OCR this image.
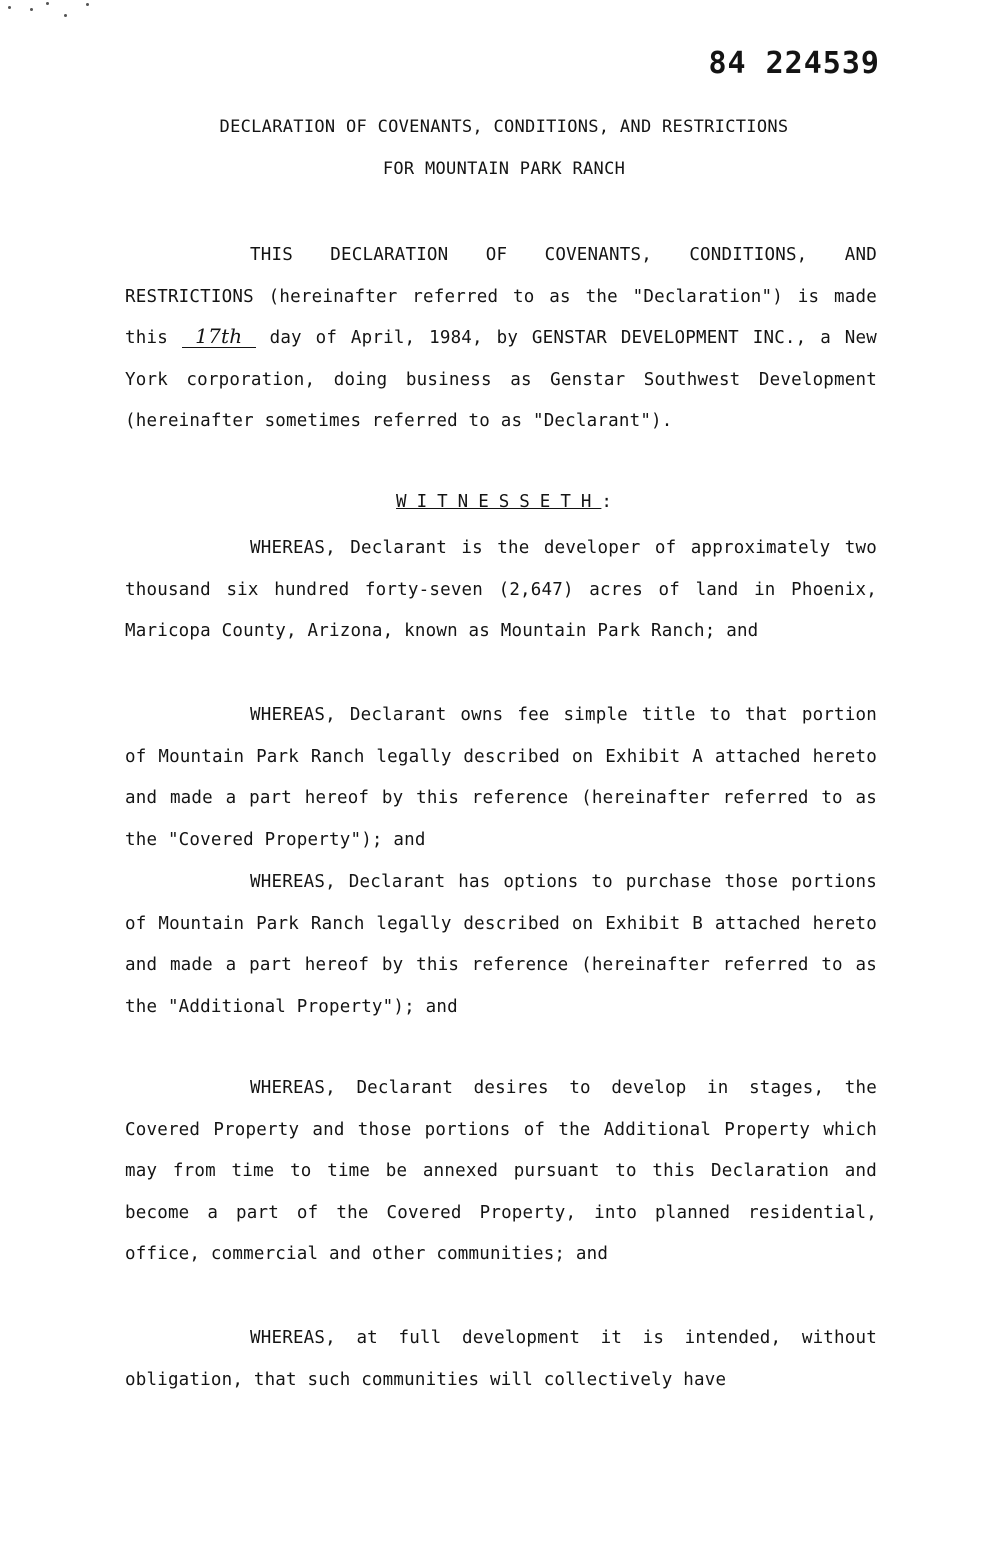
84 224539
DECLARATION OF COVENANTS, CONDITIONS, AND RESTRICTIONS
FOR MOUNTAIN PARK RANCH
THIS DECLARATION OF COVENANTS, CONDITIONS, AND RESTRICTIONS (hereinafter referred to as the "Declaration") is made this 17th day of April, 1984, by GENSTAR DEVELOPMENT INC., a New York corporation, doing business as Genstar Southwest Development (hereinafter sometimes referred to as "Declarant").
WITNESSETH:
WHEREAS, Declarant is the developer of approximately two thousand six hundred forty-seven (2,647) acres of land in Phoenix, Maricopa County, Arizona, known as Mountain Park Ranch; and
WHEREAS, Declarant owns fee simple title to that portion of Mountain Park Ranch legally described on Exhibit A attached hereto and made a part hereof by this reference (hereinafter referred to as the "Covered Property"); and
WHEREAS, Declarant has options to purchase those portions of Mountain Park Ranch legally described on Exhibit B attached hereto and made a part hereof by this reference (hereinafter referred to as the "Additional Property"); and
WHEREAS, Declarant desires to develop in stages, the Covered Property and those portions of the Additional Property which may from time to time be annexed pursuant to this Declaration and become a part of the Covered Property, into planned residential, office, commercial and other communities; and
WHEREAS, at full development it is intended, without obligation, that such communities will collectively have
